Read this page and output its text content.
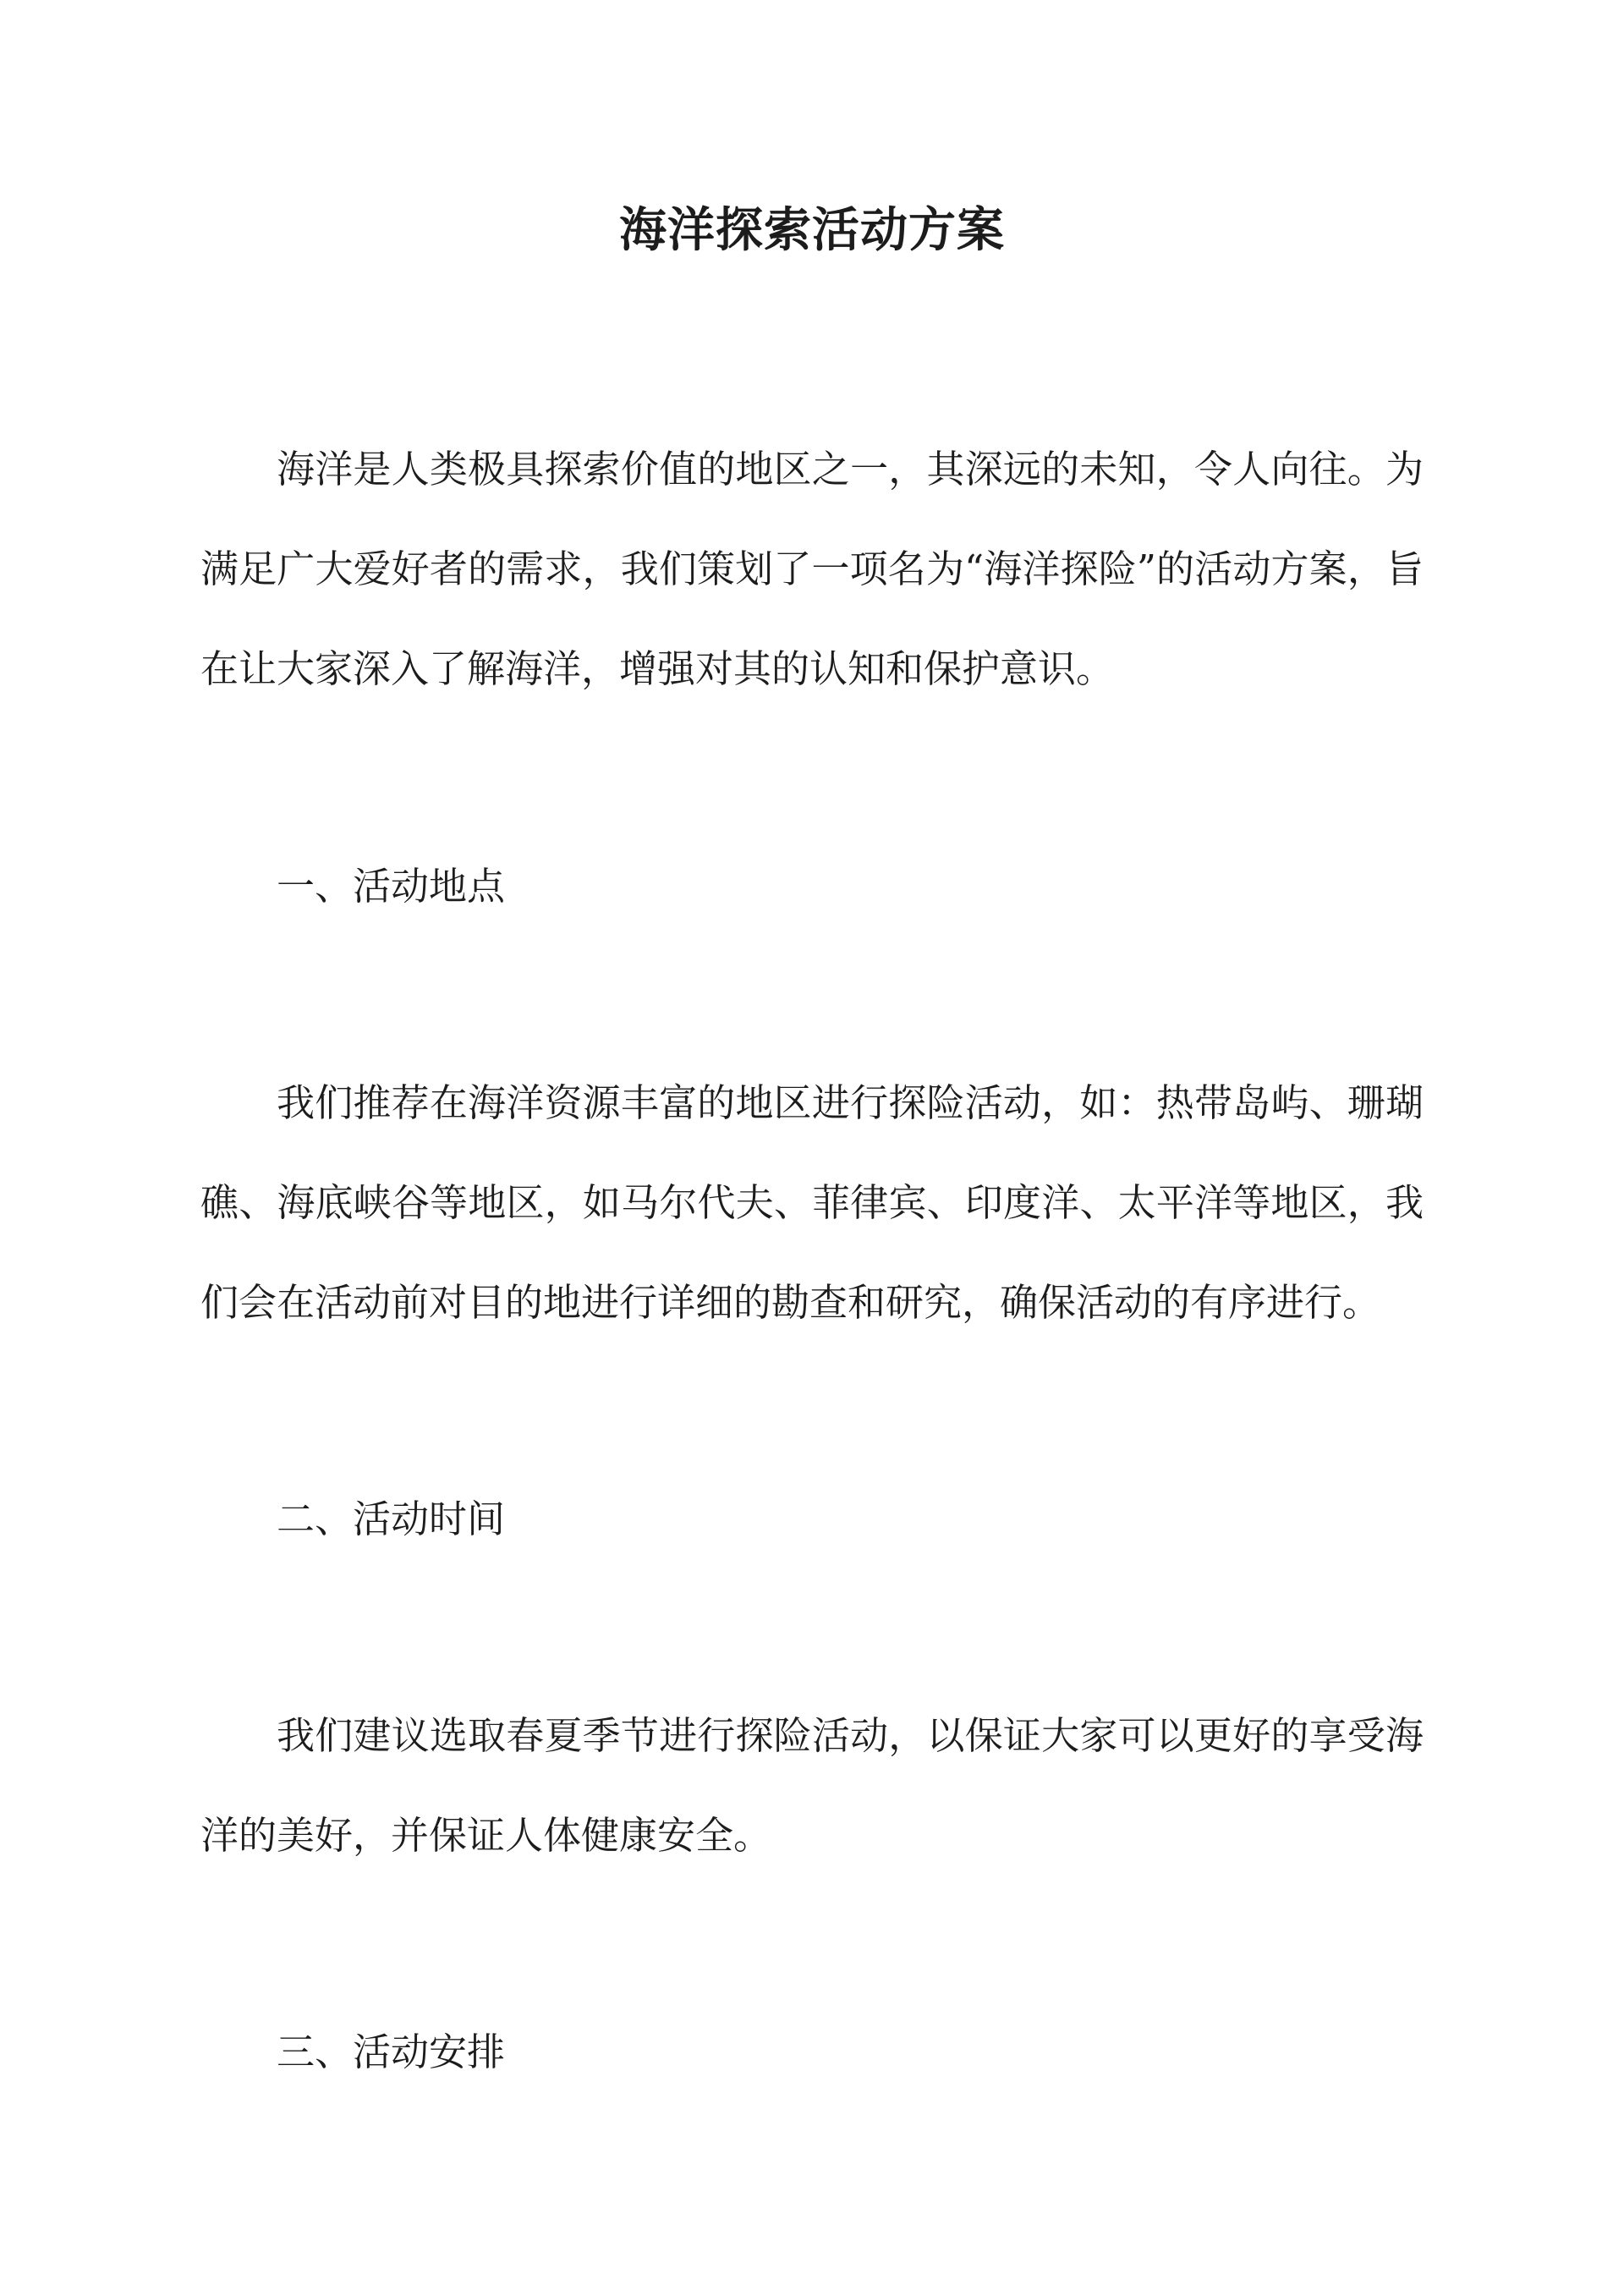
海洋探索活动方案

海洋是人类极具探索价值的地区之一，其深远的未知，令人向往。为满足广大爱好者的需求，我们策划了一项名为“海洋探险”的活动方案，旨在让大家深入了解海洋，增强对其的认知和保护意识。

一、活动地点

我们推荐在海洋资源丰富的地区进行探险活动，如：热带岛屿、珊瑚礁、海底峡谷等地区，如马尔代夫、菲律宾、印度洋、太平洋等地区，我们会在活动前对目的地进行详细的勘查和研究，确保活动的有序进行。

二、活动时间

我们建议选取春夏季节进行探险活动，以保证大家可以更好的享受海洋的美好，并保证人体健康安全。

三、活动安排
